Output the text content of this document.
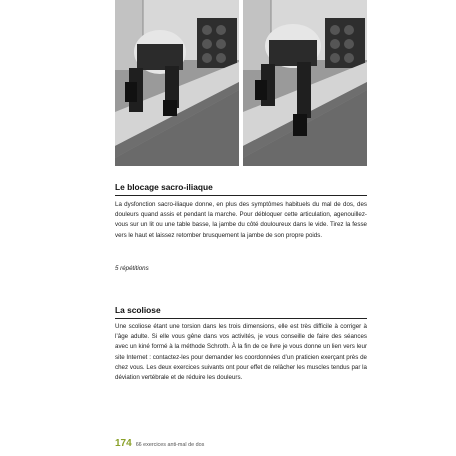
Le blocage sacro-iliaque

La dysfonction sacro-iliaque donne, en plus des symptômes habituels du mal de dos, des douleurs quand assis et pendant la marche. Pour débloquer cette articulation, agenouillez-vous sur un lit ou une table basse, la jambe du côté douloureux dans le vide. Tirez la fesse vers le haut et laissez retomber brusquement la jambe de son propre poids.

5 répétitions

La scoliose

Une scoliose étant une torsion dans les trois dimensions, elle est très difficile à corriger à l’âge adulte. Si elle vous gêne dans vos activités, je vous conseille de faire des séances avec un kiné formé à la méthode Schroth. À la fin de ce livre je vous donne un lien vers leur site Internet : contactez-les pour demander les coordonnées d’un praticien exerçant près de chez vous. Les deux exercices suivants ont pour effet de relâcher les muscles tendus par la déviation vertébrale et de réduire les douleurs.

174 66 exercices anti-mal de dos
